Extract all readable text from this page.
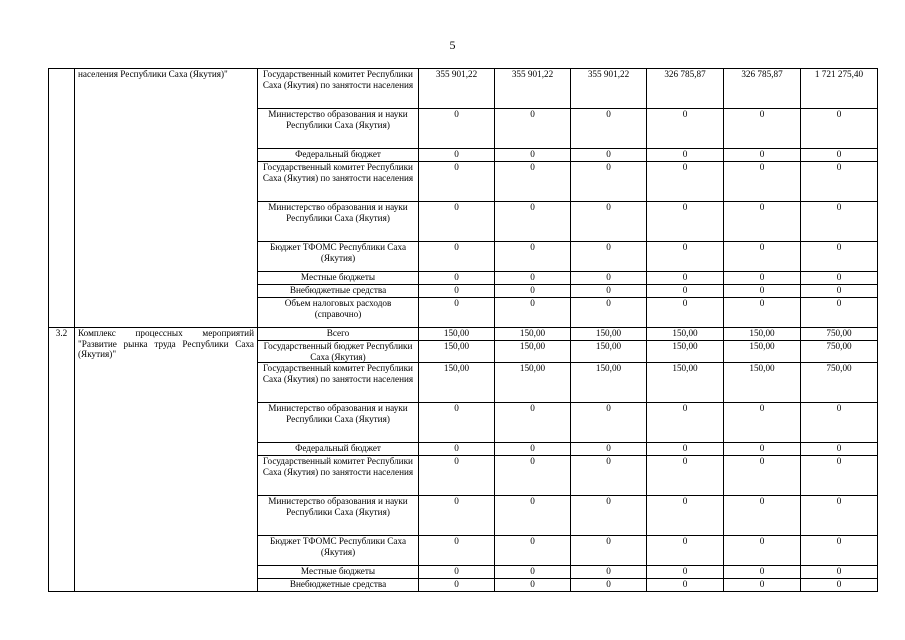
5
	населения Республики Саха (Якутия)"	Государственный комитет Республики Саха (Якутия) по занятости населения	355 901,22	355 901,22	355 901,22	326 785,87	326 785,87	1 721 275,40
		Министерство образования и науки Республики Саха (Якутия)	0	0	0	0	0	0
		Федеральный бюджет	0	0	0	0	0	0
		Государственный комитет Республики Саха (Якутия) по занятости населения	0	0	0	0	0	0
		Министерство образования и науки Республики Саха (Якутия)	0	0	0	0	0	0
		Бюджет ТФОМС Республики Саха (Якутия)	0	0	0	0	0	0
		Местные бюджеты	0	0	0	0	0	0
		Внебюджетные средства	0	0	0	0	0	0
		Объем налоговых расходов (справочно)	0	0	0	0	0	0
3.2	Комплекс процессных мероприятий "Развитие рынка труда Республики Саха (Якутия)"	Всего	150,00	150,00	150,00	150,00	150,00	750,00
		Государственный бюджет Республики Саха (Якутия)	150,00	150,00	150,00	150,00	150,00	750,00
		Государственный комитет Республики Саха (Якутия) по занятости населения	150,00	150,00	150,00	150,00	150,00	750,00
		Министерство образования и науки Республики Саха (Якутия)	0	0	0	0	0	0
		Федеральный бюджет	0	0	0	0	0	0
		Государственный комитет Республики Саха (Якутия) по занятости населения	0	0	0	0	0	0
		Министерство образования и науки Республики Саха (Якутия)	0	0	0	0	0	0
		Бюджет ТФОМС Республики Саха (Якутия)	0	0	0	0	0	0
		Местные бюджеты	0	0	0	0	0	0
		Внебюджетные средства	0	0	0	0	0	0
